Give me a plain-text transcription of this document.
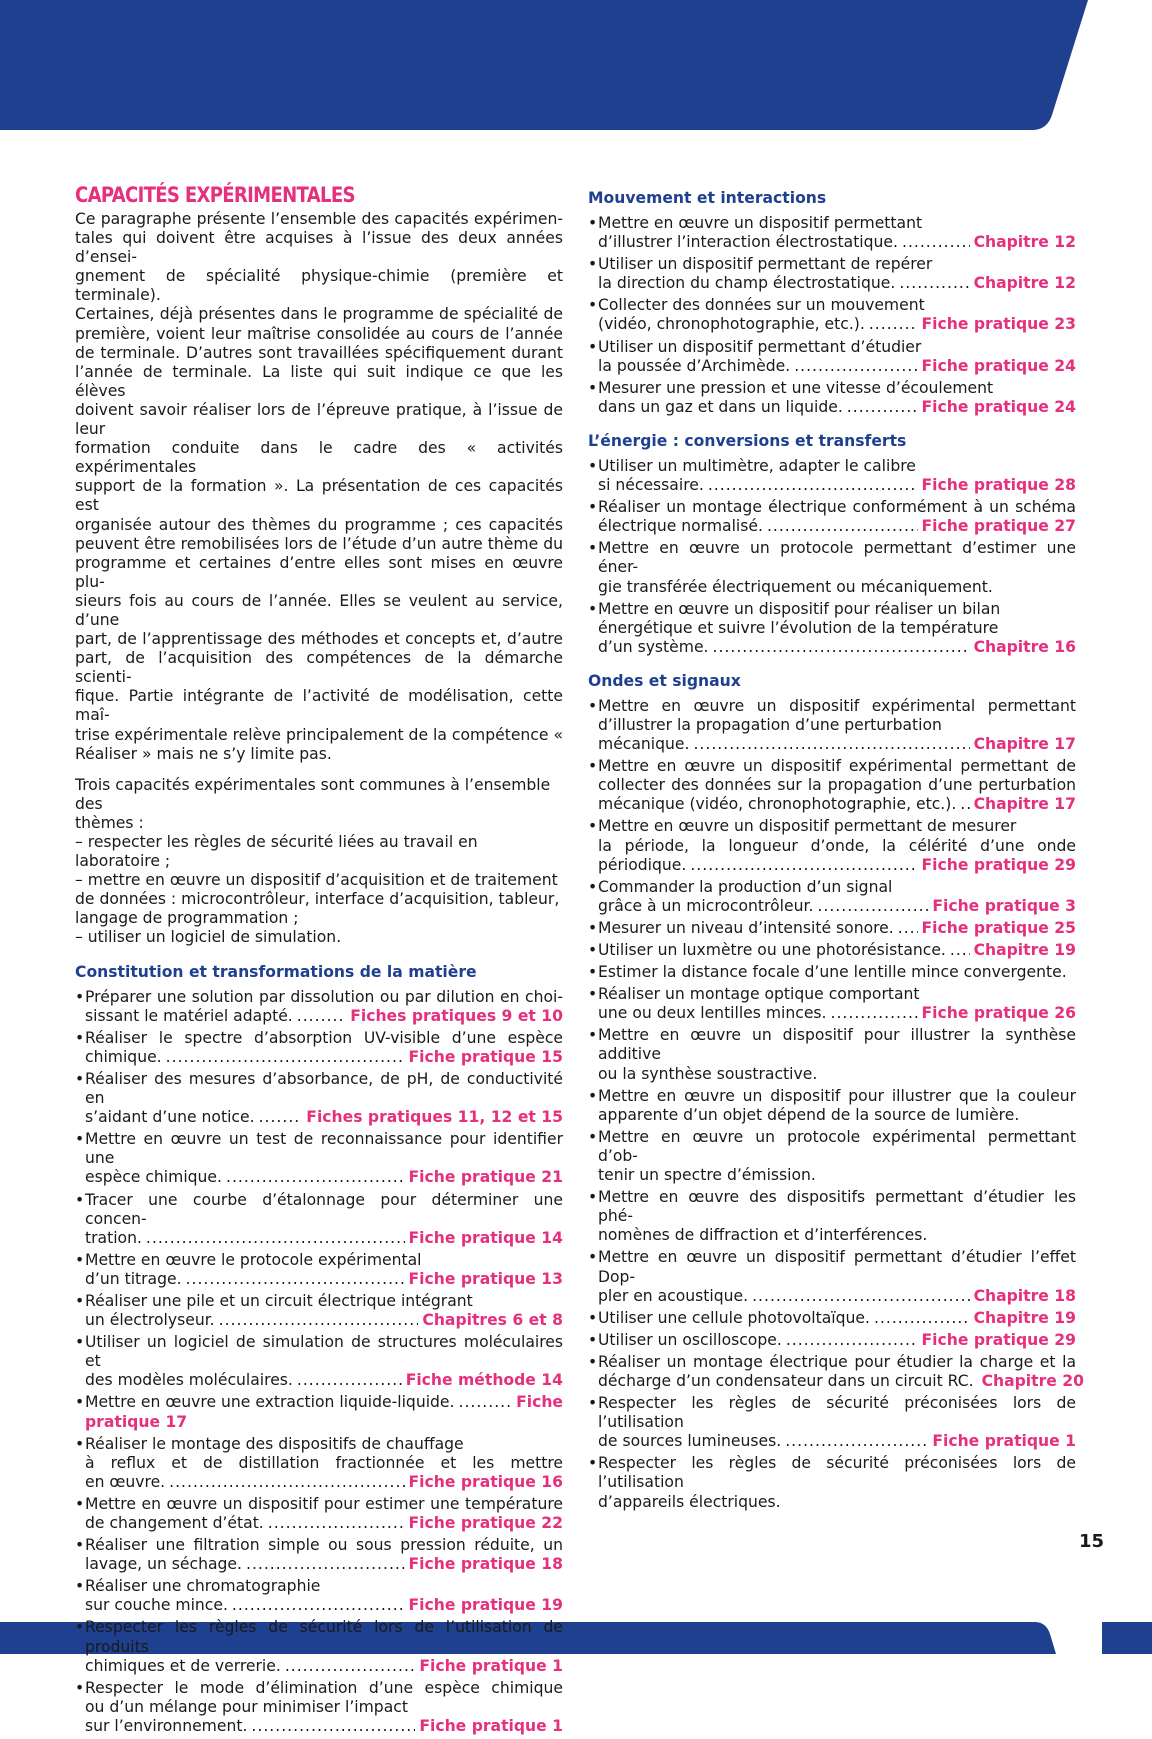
15
CAPACITÉS EXPÉRIMENTALES
Ce paragraphe présente l’ensemble des capacités expérimen-
tales qui doivent être acquises à l’issue des deux années d’ensei-
gnement de spécialité physique-chimie (première et terminale).
Certaines, déjà présentes dans le programme de spécialité de
première, voient leur maîtrise consolidée au cours de l’année
de terminale. D’autres sont travaillées spécifiquement durant
l’année de terminale. La liste qui suit indique ce que les élèves
doivent savoir réaliser lors de l’épreuve pratique, à l’issue de leur
formation conduite dans le cadre des « activités expérimentales
support de la formation ». La présentation de ces capacités est
organisée autour des thèmes du programme ; ces capacités
peuvent être remobilisées lors de l’étude d’un autre thème du
programme et certaines d’entre elles sont mises en œuvre plu-
sieurs fois au cours de l’année. Elles se veulent au service, d’une
part, de l’apprentissage des méthodes et concepts et, d’autre
part, de l’acquisition des compétences de la démarche scienti-
fique. Partie intégrante de l’activité de modélisation, cette maî-
trise expérimentale relève principalement de la compétence «
Réaliser » mais ne s’y limite pas.
Trois capacités expérimentales sont communes à l’ensemble des
thèmes :
– respecter les règles de sécurité liées au travail en laboratoire ;
– mettre en œuvre un dispositif d’acquisition et de traitement
de données : microcontrôleur, interface d’acquisition, tableur,
langage de programmation ;
– utiliser un logiciel de simulation.
Constitution et transformations de la matière
• Préparer une solution par dissolution ou par dilution en choi-
sissant le matériel adapté. .....	Fiches pratiques 9 et 10
• Réaliser le spectre d’absorption UV-visible d’une espèce
chimique. .....	Fiche pratique 15
• Réaliser des mesures d’absorbance, de pH, de conductivité en
s’aidant d’une notice. .....	Fiches pratiques 11, 12 et 15
• Mettre en œuvre un test de reconnaissance pour identifier une
espèce chimique. .....	Fiche pratique 21
• Tracer une courbe d’étalonnage pour déterminer une concen-
tration. .....	Fiche pratique 14
• Mettre en œuvre le protocole expérimental
d’un titrage. .....	Fiche pratique 13
• Réaliser une pile et un circuit électrique intégrant
un électrolyseur. .....	Chapitres 6 et 8
• Utiliser un logiciel de simulation de structures moléculaires et
des modèles moléculaires. .....	Fiche méthode 14
• Mettre en œuvre une extraction liquide-liquide. .....	Fiche
pratique 17
• Réaliser le montage des dispositifs de chauffage
à reflux et de distillation fractionnée et les mettre
en œuvre. .....	Fiche pratique 16
• Mettre en œuvre un dispositif pour estimer une température
de changement d’état. .....	Fiche pratique 22
• Réaliser une filtration simple ou sous pression réduite, un
lavage, un séchage. .....	Fiche pratique 18
• Réaliser une chromatographie
sur couche mince. .....	Fiche pratique 19
• Respecter les règles de sécurité lors de l’utilisation de produits
chimiques et de verrerie. .....	Fiche pratique 1
• Respecter le mode d’élimination d’une espèce chimique
ou d’un mélange pour minimiser l’impact
sur l’environnement. .....	Fiche pratique 1
Mouvement et interactions
• Mettre en œuvre un dispositif permettant
d’illustrer l’interaction électrostatique. .....	Chapitre 12
• Utiliser un dispositif permettant de repérer
la direction du champ électrostatique. .....	Chapitre 12
• Collecter des données sur un mouvement
(vidéo, chronophotographie, etc.). .....	Fiche pratique 23
• Utiliser un dispositif permettant d’étudier
la poussée d’Archimède. .....	Fiche pratique 24
• Mesurer une pression et une vitesse d’écoulement
dans un gaz et dans un liquide. .....	Fiche pratique 24
L’énergie : conversions et transferts
• Utiliser un multimètre, adapter le calibre
si nécessaire. .....	Fiche pratique 28
• Réaliser un montage électrique conformément à un schéma
électrique normalisé. .....	Fiche pratique 27
• Mettre en œuvre un protocole permettant d’estimer une éner-
gie transférée électriquement ou mécaniquement.
• Mettre en œuvre un dispositif pour réaliser un bilan
énergétique et suivre l’évolution de la température
d’un système. .....	Chapitre 16
Ondes et signaux
• Mettre en œuvre un dispositif expérimental permettant
d’illustrer la propagation d’une perturbation
mécanique. .....	Chapitre 17
• Mettre en œuvre un dispositif expérimental permettant de
collecter des données sur la propagation d’une perturbation
mécanique (vidéo, chronophotographie, etc.). ..... Chapitre 17
• Mettre en œuvre un dispositif permettant de mesurer
la période, la longueur d’onde, la célérité d’une onde
périodique. .....	Fiche pratique 29
• Commander la production d’un signal
grâce à un microcontrôleur. .....	Fiche pratique 3
• Mesurer un niveau d’intensité sonore. ..... Fiche pratique 25
• Utiliser un luxmètre ou une photorésistance. ..... Chapitre 19
• Estimer la distance focale d’une lentille mince convergente.
• Réaliser un montage optique comportant
une ou deux lentilles minces. .....	Fiche pratique 26
• Mettre en œuvre un dispositif pour illustrer la synthèse additive
ou la synthèse soustractive.
• Mettre en œuvre un dispositif pour illustrer que la couleur
apparente d’un objet dépend de la source de lumière.
• Mettre en œuvre un protocole expérimental permettant d’ob-
tenir un spectre d’émission.
• Mettre en œuvre des dispositifs permettant d’étudier les phé-
nomènes de diffraction et d’interférences.
• Mettre en œuvre un dispositif permettant d’étudier l’effet Dop-
pler en acoustique. .....	Chapitre 18
• Utiliser une cellule photovoltaïque. .....	Chapitre 19
• Utiliser un oscilloscope. .....	Fiche pratique 29
• Réaliser un montage électrique pour étudier la charge et la
décharge d’un condensateur dans un circuit RC. Chapitre 20
• Respecter les règles de sécurité préconisées lors de l’utilisation
de sources lumineuses. .....	Fiche pratique 1
• Respecter les règles de sécurité préconisées lors de l’utilisation
d’appareils électriques.
